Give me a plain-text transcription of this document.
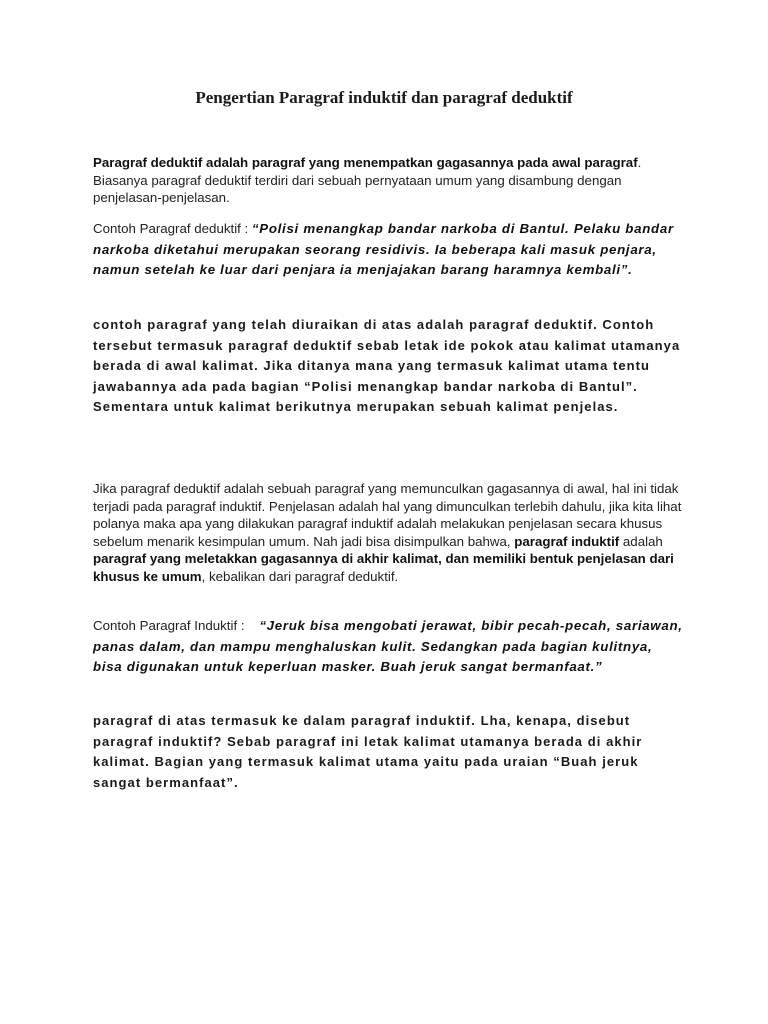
Pengertian Paragraf induktif dan paragraf deduktif

Paragraf deduktif adalah paragraf yang menempatkan gagasannya pada awal paragraf. Biasanya paragraf deduktif terdiri dari sebuah pernyataan umum yang disambung dengan penjelasan-penjelasan.

Contoh Paragraf deduktif : “Polisi menangkap bandar narkoba di Bantul. Pelaku bandar narkoba diketahui merupakan seorang residivis. Ia beberapa kali masuk penjara, namun setelah ke luar dari penjara ia menjajakan barang haramnya kembali”.

contoh paragraf yang telah diuraikan di atas adalah paragraf deduktif. Contoh tersebut termasuk paragraf deduktif sebab letak ide pokok atau kalimat utamanya berada di awal kalimat. Jika ditanya mana yang termasuk kalimat utama tentu jawabannya ada pada bagian “Polisi menangkap bandar narkoba di Bantul”. Sementara untuk kalimat berikutnya merupakan sebuah kalimat penjelas.

Jika paragraf deduktif adalah sebuah paragraf yang memunculkan gagasannya di awal, hal ini tidak terjadi pada paragraf induktif. Penjelasan adalah hal yang dimunculkan terlebih dahulu, jika kita lihat polanya maka apa yang dilakukan paragraf induktif adalah melakukan penjelasan secara khusus sebelum menarik kesimpulan umum. Nah jadi bisa disimpulkan bahwa, paragraf induktif adalah paragraf yang meletakkan gagasannya di akhir kalimat, dan memiliki bentuk penjelasan dari khusus ke umum, kebalikan dari paragraf deduktif.

Contoh Paragraf Induktif : “Jeruk bisa mengobati jerawat, bibir pecah-pecah, sariawan, panas dalam, dan mampu menghaluskan kulit. Sedangkan pada bagian kulitnya, bisa digunakan untuk keperluan masker. Buah jeruk sangat bermanfaat.”

paragraf di atas termasuk ke dalam paragraf induktif. Lha, kenapa, disebut paragraf induktif? Sebab paragraf ini letak kalimat utamanya berada di akhir kalimat. Bagian yang termasuk kalimat utama yaitu pada uraian “Buah jeruk sangat bermanfaat”.
